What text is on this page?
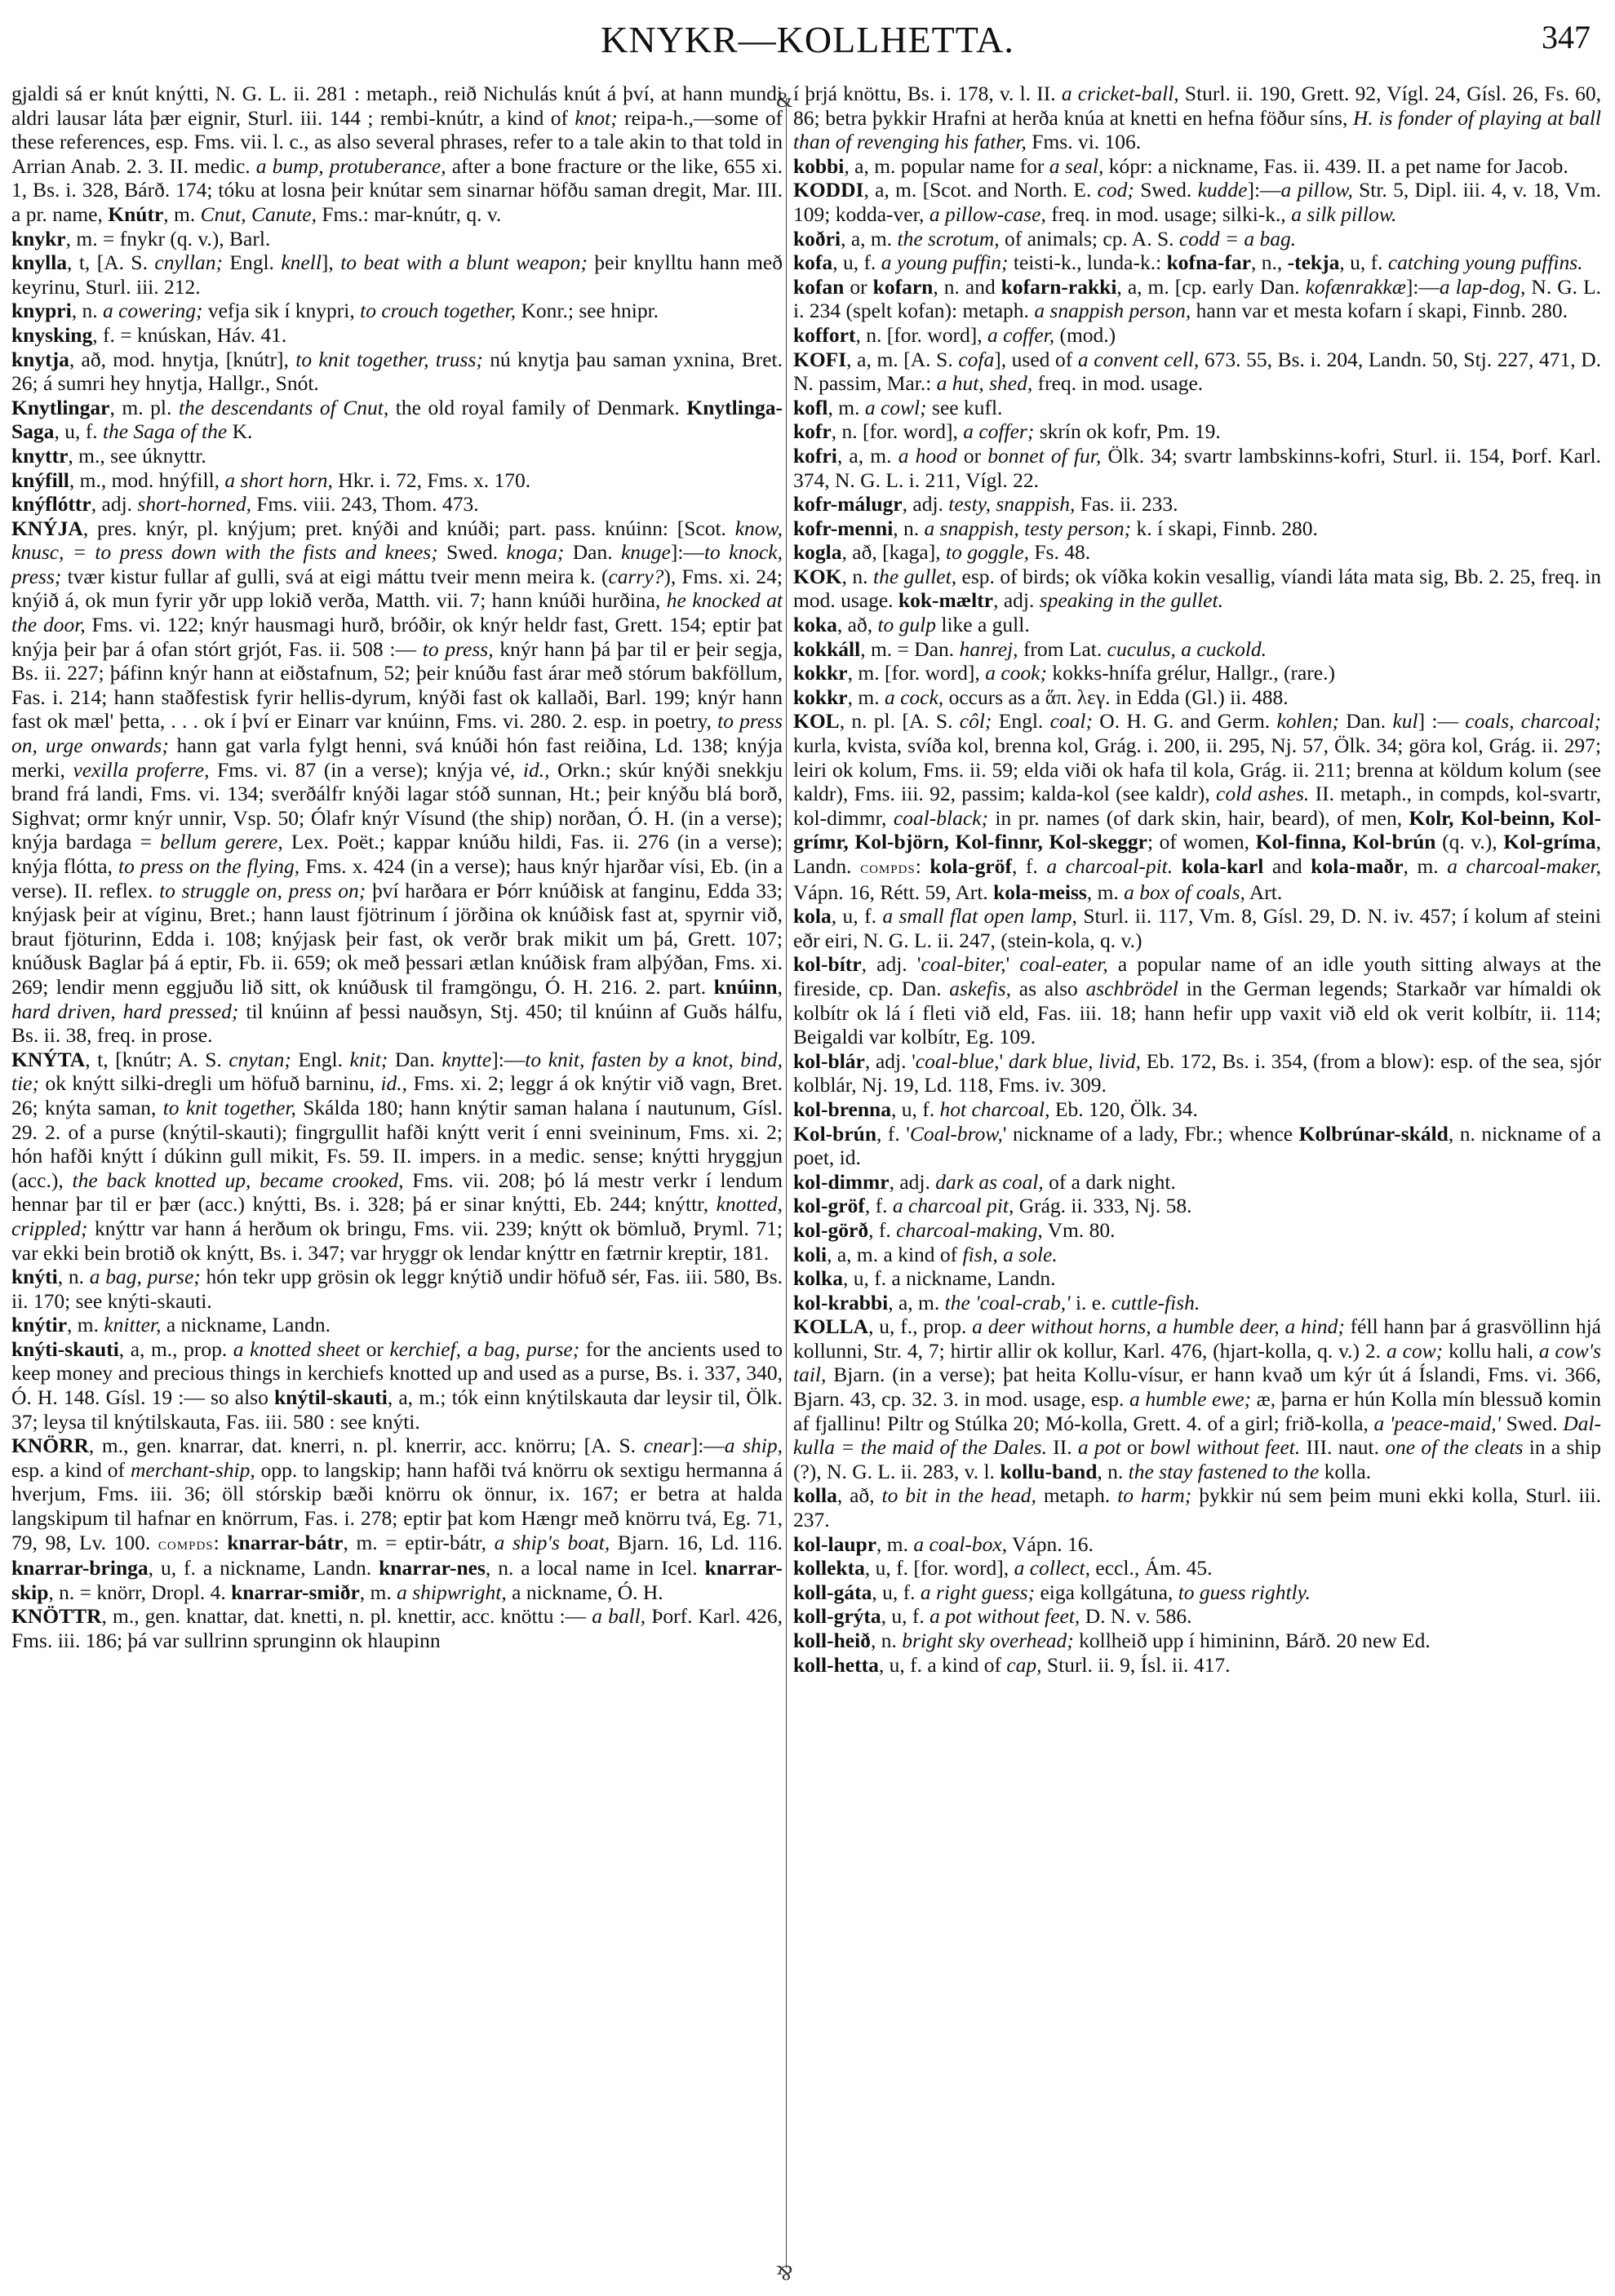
KNYKR—KOLLHETTA.	347
&
&

gjaldi sá er knút knýtti, N. G. L. ii. 281 : metaph., reið Nichulás knút á því, at hann mundi aldri lausar láta þær eignir, Sturl. iii. 144 ; rembi-knútr, a kind of knot; reipa-h.,—some of these references, esp. Fms. vii. l. c., as also several phrases, refer to a tale akin to that told in Arrian Anab. 2. 3. II. medic. a bump, protuberance, after a bone fracture or the like, 655 xi. 1, Bs. i. 328, Bárð. 174; tóku at losna þeir knútar sem sinarnar höfðu saman dregit, Mar. III. a pr. name, Knútr, m. Cnut, Canute, Fms.: mar-knútr, q. v.

knykr, m. = fnykr (q. v.), Barl.

knylla, t, [A. S. cnyllan; Engl. knell], to beat with a blunt weapon; þeir knylltu hann með keyrinu, Sturl. iii. 212.

knypri, n. a cowering; vefja sik í knypri, to crouch together, Konr.; see hnipr.

knysking, f. = knúskan, Háv. 41.

knytja, að, mod. hnytja, [knútr], to knit together, truss; nú knytja þau saman yxnina, Bret. 26; á sumri hey hnytja, Hallgr., Snót.

Knytlingar, m. pl. the descendants of Cnut, the old royal family of Denmark. Knytlinga-Saga, u, f. the Saga of the K.

knyttr, m., see úknyttr.

knýfill, m., mod. hnýfill, a short horn, Hkr. i. 72, Fms. x. 170.

knýflóttr, adj. short-horned, Fms. viii. 243, Thom. 473.

KNÝJA, pres. knýr, pl. knýjum; pret. knýði and knúði; part. pass. knúinn: [Scot. know, knusc, = to press down with the fists and knees; Swed. knoga; Dan. knuge]:—to knock, press; tvær kistur fullar af gulli, svá at eigi máttu tveir menn meira k. (carry?), Fms. xi. 24; knýið á, ok mun fyrir yðr upp lokið verða, Matth. vii. 7; hann knúði hurðina, he knocked at the door, Fms. vi. 122; knýr hausmagi hurð, bróðir, ok knýr heldr fast, Grett. 154; eptir þat knýja þeir þar á ofan stórt grjót, Fas. ii. 508 :— to press, knýr hann þá þar til er þeir segja, Bs. ii. 227; þáfinn knýr hann at eiðstafnum, 52; þeir knúðu fast árar með stórum bakföllum, Fas. i. 214; hann staðfestisk fyrir hellis-dyrum, knýði fast ok kallaði, Barl. 199; knýr hann fast ok mæl' þetta, . . . ok í því er Einarr var knúinn, Fms. vi. 280. 2. esp. in poetry, to press on, urge onwards; hann gat varla fylgt henni, svá knúði hón fast reiðina, Ld. 138; knýja merki, vexilla proferre, Fms. vi. 87 (in a verse); knýja vé, id., Orkn.; skúr knýði snekkju brand frá landi, Fms. vi. 134; sverðálfr knýði lagar stóð sunnan, Ht.; þeir knýðu blá borð, Sighvat; ormr knýr unnir, Vsp. 50; Ólafr knýr Vísund (the ship) norðan, Ó. H. (in a verse); knýja bardaga = bellum gerere, Lex. Poët.; kappar knúðu hildi, Fas. ii. 276 (in a verse); knýja flótta, to press on the flying, Fms. x. 424 (in a verse); haus knýr hjarðar vísi, Eb. (in a verse). II. reflex. to struggle on, press on; því harðara er Þórr knúðisk at fanginu, Edda 33; knýjask þeir at víginu, Bret.; hann laust fjötrinum í jörðina ok knúðisk fast at, spyrnir við, braut fjöturinn, Edda i. 108; knýjask þeir fast, ok verðr brak mikit um þá, Grett. 107; knúðusk Baglar þá á eptir, Fb. ii. 659; ok með þessari ætlan knúðisk fram alþýðan, Fms. xi. 269; lendir menn eggjuðu lið sitt, ok knúðusk til framgöngu, Ó. H. 216. 2. part. knúinn, hard driven, hard pressed; til knúinn af þessi nauðsyn, Stj. 450; til knúinn af Guðs hálfu, Bs. ii. 38, freq. in prose.

KNÝTA, t, [knútr; A. S. cnytan; Engl. knit; Dan. knytte]:—to knit, fasten by a knot, bind, tie; ok knýtt silki-dregli um höfuð barninu, id., Fms. xi. 2; leggr á ok knýtir við vagn, Bret. 26; knýta saman, to knit together, Skálda 180; hann knýtir saman halana í nautunum, Gísl. 29. 2. of a purse (knýtil-skauti); fingrgullit hafði knýtt verit í enni sveininum, Fms. xi. 2; hón hafði knýtt í dúkinn gull mikit, Fs. 59. II. impers. in a medic. sense; knýtti hryggjun (acc.), the back knotted up, became crooked, Fms. vii. 208; þó lá mestr verkr í lendum hennar þar til er þær (acc.) knýtti, Bs. i. 328; þá er sinar knýtti, Eb. 244; knýttr, knotted, crippled; knýttr var hann á herðum ok bringu, Fms. vii. 239; knýtt ok bömluð, Þryml. 71; var ekki bein brotið ok knýtt, Bs. i. 347; var hryggr ok lendar knýttr en fætrnir kreptir, 181.

knýti, n. a bag, purse; hón tekr upp grösin ok leggr knýtið undir höfuð sér, Fas. iii. 580, Bs. ii. 170; see knýti-skauti.

knýtir, m. knitter, a nickname, Landn.

knýti-skauti, a, m., prop. a knotted sheet or kerchief, a bag, purse; for the ancients used to keep money and precious things in kerchiefs knotted up and used as a purse, Bs. i. 337, 340, Ó. H. 148. Gísl. 19 :— so also knýtil-skauti, a, m.; tók einn knýtilskauta dar leysir til, Ölk. 37; leysa til knýtilskauta, Fas. iii. 580 : see knýti.

KNÖRR, m., gen. knarrar, dat. knerri, n. pl. knerrir, acc. knörru; [A. S. cnear]:—a ship, esp. a kind of merchant-ship, opp. to langskip; hann hafði tvá knörru ok sextigu hermanna á hverjum, Fms. iii. 36; öll stórskip bæði knörru ok önnur, ix. 167; er betra at halda langskipum til hafnar en knörrum, Fas. i. 278; eptir þat kom Hængr með knörru tvá, Eg. 71, 79, 98, Lv. 100. compds: knarrar-bátr, m. = eptir-bátr, a ship's boat, Bjarn. 16, Ld. 116. knarrar-bringa, u, f. a nickname, Landn. knarrar-nes, n. a local name in Icel. knarrar-skip, n. = knörr, Dropl. 4. knarrar-smiðr, m. a shipwright, a nickname, Ó. H.

KNÖTTR, m., gen. knattar, dat. knetti, n. pl. knettir, acc. knöttu :— a ball, Þorf. Karl. 426, Fms. iii. 186; þá var sullrinn sprunginn ok hlaupinn

í þrjá knöttu, Bs. i. 178, v. l. II. a cricket-ball, Sturl. ii. 190, Grett. 92, Vígl. 24, Gísl. 26, Fs. 60, 86; betra þykkir Hrafni at herða knúa at knetti en hefna föður síns, H. is fonder of playing at ball than of revenging his father, Fms. vi. 106.

kobbi, a, m. popular name for a seal, kópr: a nickname, Fas. ii. 439. II. a pet name for Jacob.

KODDI, a, m. [Scot. and North. E. cod; Swed. kudde]:—a pillow, Str. 5, Dipl. iii. 4, v. 18, Vm. 109; kodda-ver, a pillow-case, freq. in mod. usage; silki-k., a silk pillow.

koðri, a, m. the scrotum, of animals; cp. A. S. codd = a bag.

kofa, u, f. a young puffin; teisti-k., lunda-k.: kofna-far, n., -tekja, u, f. catching young puffins.

kofan or kofarn, n. and kofarn-rakki, a, m. [cp. early Dan. kofænrakkæ]:—a lap-dog, N. G. L. i. 234 (spelt kofan): metaph. a snappish person, hann var et mesta kofarn í skapi, Finnb. 280.

koffort, n. [for. word], a coffer, (mod.)

KOFI, a, m. [A. S. cofa], used of a convent cell, 673. 55, Bs. i. 204, Landn. 50, Stj. 227, 471, D. N. passim, Mar.: a hut, shed, freq. in mod. usage.

kofl, m. a cowl; see kufl.

kofr, n. [for. word], a coffer; skrín ok kofr, Pm. 19.

kofri, a, m. a hood or bonnet of fur, Ölk. 34; svartr lambskinns-kofri, Sturl. ii. 154, Þorf. Karl. 374, N. G. L. i. 211, Vígl. 22.

kofr-málugr, adj. testy, snappish, Fas. ii. 233.

kofr-menni, n. a snappish, testy person; k. í skapi, Finnb. 280.

kogla, að, [kaga], to goggle, Fs. 48.

KOK, n. the gullet, esp. of birds; ok víðka kokin vesallig, víandi láta mata sig, Bb. 2. 25, freq. in mod. usage. kok-mæltr, adj. speaking in the gullet.

koka, að, to gulp like a gull.

kokkáll, m. = Dan. hanrej, from Lat. cuculus, a cuckold.

kokkr, m. [for. word], a cook; kokks-hnífa grélur, Hallgr., (rare.)

kokkr, m. a cock, occurs as a ἅπ. λεγ. in Edda (Gl.) ii. 488.

KOL, n. pl. [A. S. côl; Engl. coal; O. H. G. and Germ. kohlen; Dan. kul] :— coals, charcoal; kurla, kvista, svíða kol, brenna kol, Grág. i. 200, ii. 295, Nj. 57, Ölk. 34; göra kol, Grág. ii. 297; leiri ok kolum, Fms. ii. 59; elda viði ok hafa til kola, Grág. ii. 211; brenna at köldum kolum (see kaldr), Fms. iii. 92, passim; kalda-kol (see kaldr), cold ashes. II. metaph., in compds, kol-svartr, kol-dimmr, coal-black; in pr. names (of dark skin, hair, beard), of men, Kolr, Kol-beinn, Kol-grímr, Kol-björn, Kol-finnr, Kol-skeggr; of women, Kol-finna, Kol-brún (q. v.), Kol-gríma, Landn. compds: kola-gröf, f. a charcoal-pit. kola-karl and kola-maðr, m. a charcoal-maker, Vápn. 16, Rétt. 59, Art. kola-meiss, m. a box of coals, Art.

kola, u, f. a small flat open lamp, Sturl. ii. 117, Vm. 8, Gísl. 29, D. N. iv. 457; í kolum af steini eðr eiri, N. G. L. ii. 247, (stein-kola, q. v.)

kol-bítr, adj. 'coal-biter,' coal-eater, a popular name of an idle youth sitting always at the fireside, cp. Dan. askefis, as also aschbrödel in the German legends; Starkaðr var hímaldi ok kolbítr ok lá í fleti við eld, Fas. iii. 18; hann hefir upp vaxit við eld ok verit kolbítr, ii. 114; Beigaldi var kolbítr, Eg. 109.

kol-blár, adj. 'coal-blue,' dark blue, livid, Eb. 172, Bs. i. 354, (from a blow): esp. of the sea, sjór kolblár, Nj. 19, Ld. 118, Fms. iv. 309.

kol-brenna, u, f. hot charcoal, Eb. 120, Ölk. 34.

Kol-brún, f. 'Coal-brow,' nickname of a lady, Fbr.; whence Kolbrúnar-skáld, n. nickname of a poet, id.

kol-dimmr, adj. dark as coal, of a dark night.

kol-gröf, f. a charcoal pit, Grág. ii. 333, Nj. 58.

kol-görð, f. charcoal-making, Vm. 80.

koli, a, m. a kind of fish, a sole.

kolka, u, f. a nickname, Landn.

kol-krabbi, a, m. the 'coal-crab,' i. e. cuttle-fish.

KOLLA, u, f., prop. a deer without horns, a humble deer, a hind; féll hann þar á grasvöllinn hjá kollunni, Str. 4, 7; hirtir allir ok kollur, Karl. 476, (hjart-kolla, q. v.) 2. a cow; kollu hali, a cow's tail, Bjarn. (in a verse); þat heita Kollu-vísur, er hann kvað um kýr út á Íslandi, Fms. vi. 366, Bjarn. 43, cp. 32. 3. in mod. usage, esp. a humble ewe; æ, þarna er hún Kolla mín blessuð komin af fjallinu! Piltr og Stúlka 20; Mó-kolla, Grett. 4. of a girl; frið-kolla, a 'peace-maid,' Swed. Dal-kulla = the maid of the Dales. II. a pot or bowl without feet. III. naut. one of the cleats in a ship (?), N. G. L. ii. 283, v. l. kollu-band, n. the stay fastened to the kolla.

kolla, að, to bit in the head, metaph. to harm; þykkir nú sem þeim muni ekki kolla, Sturl. iii. 237.

kol-laupr, m. a coal-box, Vápn. 16.

kollekta, u, f. [for. word], a collect, eccl., Ám. 45.

koll-gáta, u, f. a right guess; eiga kollgátuna, to guess rightly.

koll-grýta, u, f. a pot without feet, D. N. v. 586.

koll-heið, n. bright sky overhead; kollheið upp í himininn, Bárð. 20 new Ed.

koll-hetta, u, f. a kind of cap, Sturl. ii. 9, Ísl. ii. 417.
